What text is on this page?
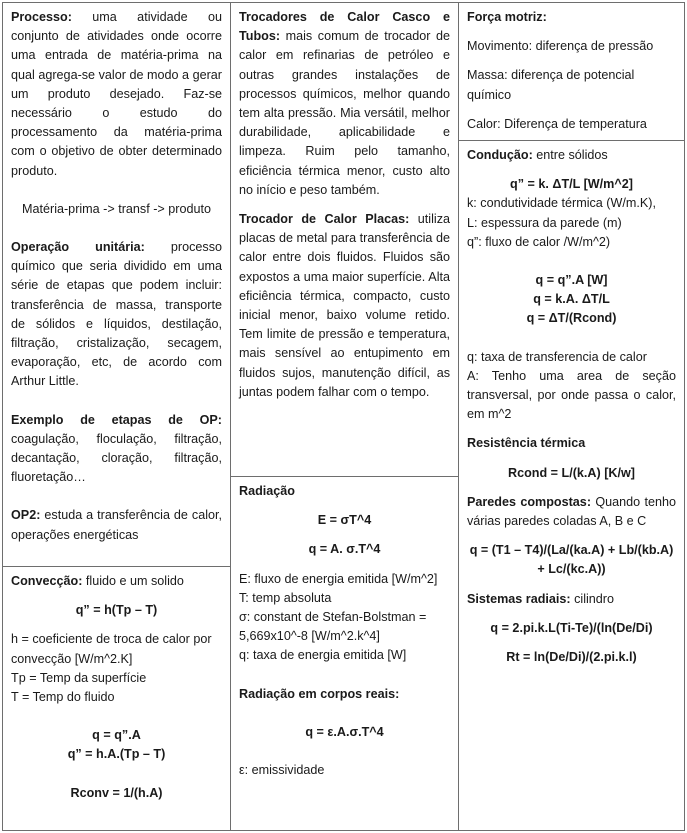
Processo: uma atividade ou conjunto de atividades onde ocorre uma entrada de matéria-prima na qual agrega-se valor de modo a gerar um produto desejado. Faz-se necessário o estudo do processamento da matéria-prima com o objetivo de obter determinado produto.

Matéria-prima -> transf -> produto

Operação unitária: processo químico que seria dividido em uma série de etapas que podem incluir: transferência de massa, transporte de sólidos e líquidos, destilação, filtração, cristalização, secagem, evaporação, etc, de acordo com Arthur Little.

Exemplo de etapas de OP: coagulação, floculação, filtração, decantação, cloração, filtração, fluoretação…

OP2: estuda a transferência de calor, operações energéticas

Convecção: fluido e um solido

q” = h(Tp – T)

h = coeficiente de troca de calor por convecção [W/m^2.K]

Tp = Temp da superfície

T = Temp do fluido

q = q”.A

q” = h.A.(Tp – T)

Rconv = 1/(h.A)

Trocadores de Calor Casco e Tubos: mais comum de trocador de calor em refinarias de petróleo e outras grandes instalações de processos químicos, melhor quando tem alta pressão. Mia versátil, melhor durabilidade, aplicabilidade e limpeza. Ruim pelo tamanho, eficiência térmica menor, custo alto no início e peso também.

Trocador de Calor Placas: utiliza placas de metal para transferência de calor entre dois fluidos. Fluidos são expostos a uma maior superfície. Alta eficiência térmica, compacto, custo inicial menor, baixo volume retido. Tem limite de pressão e temperatura, mais sensível ao entupimento em fluidos sujos, manutenção difícil, as juntas podem falhar com o tempo.

Radiação

E = σT^4

q = A. σ.T^4

E: fluxo de energia emitida [W/m^2]

T: temp absoluta

σ: constant de Stefan-Bolstman = 5,669x10^-8 [W/m^2.k^4]

q: taxa de energia emitida [W]

Radiação em corpos reais:

q = ε.A.σ.T^4

ε: emissividade

Força motriz:

Movimento: diferença de pressão

Massa: diferença de potencial químico

Calor: Diferença de temperatura

Condução: entre sólidos

q” = k. ΔT/L [W/m^2]

k: condutividade térmica (W/m.K),

L: espessura da parede (m)

q”: fluxo de calor /W/m^2)

q = q”.A [W]

q = k.A. ΔT/L

q = ΔT/(Rcond)

q: taxa de transferencia de calor

A: Tenho uma area de seção transversal, por onde passa o calor, em m^2

Resistência térmica

Rcond = L/(k.A) [K/w]

Paredes compostas: Quando tenho várias paredes coladas A, B e C

q = (T1 – T4)/(La/(ka.A) + Lb/(kb.A)

+ Lc/(kc.A))

Sistemas radiais: cilindro

q = 2.pi.k.L(Ti-Te)/(ln(De/Di)

Rt = ln(De/Di)/(2.pi.k.l)
